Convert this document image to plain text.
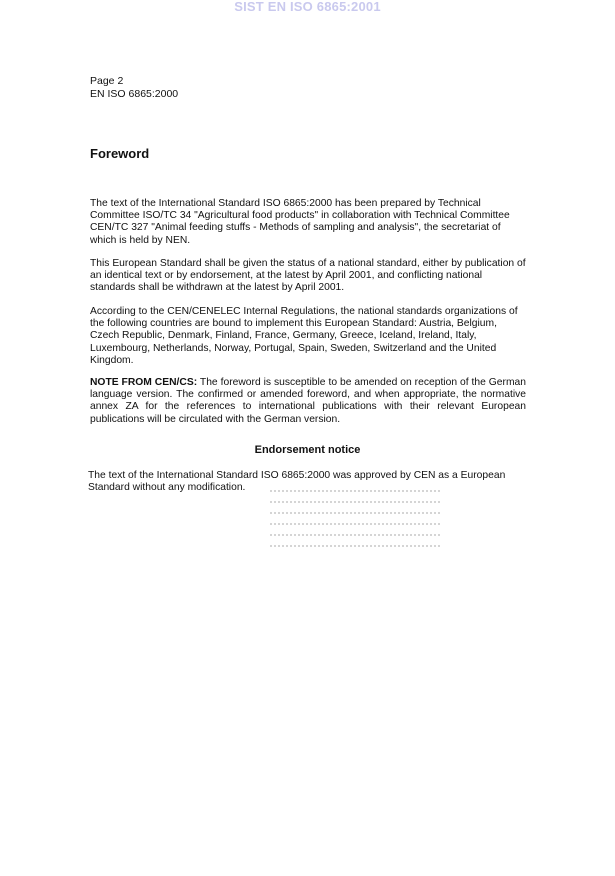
SIST EN ISO 6865:2001
Page 2
EN ISO 6865:2000
Foreword

The text of the International Standard ISO 6865:2000 has been prepared by Technical Committee ISO/TC 34 "Agricultural food products" in collaboration with Technical Committee CEN/TC 327 "Animal feeding stuffs - Methods of sampling and analysis", the secretariat of which is held by NEN.

This European Standard shall be given the status of a national standard, either by publication of an identical text or by endorsement, at the latest by April 2001, and conflicting national standards shall be withdrawn at the latest by April 2001.

According to the CEN/CENELEC Internal Regulations, the national standards organizations of the following countries are bound to implement this European Standard: Austria, Belgium, Czech Republic, Denmark, Finland, France, Germany, Greece, Iceland, Ireland, Italy, Luxembourg, Netherlands, Norway, Portugal, Spain, Sweden, Switzerland and the United Kingdom.

NOTE FROM CEN/CS: The foreword is susceptible to be amended on reception of the German language version. The confirmed or amended foreword, and when appropriate, the normative annex ZA for the references to international publications with their relevant European publications will be circulated with the German version.

Endorsement notice

The text of the International Standard ISO 6865:2000 was approved by CEN as a European Standard without any modification.
